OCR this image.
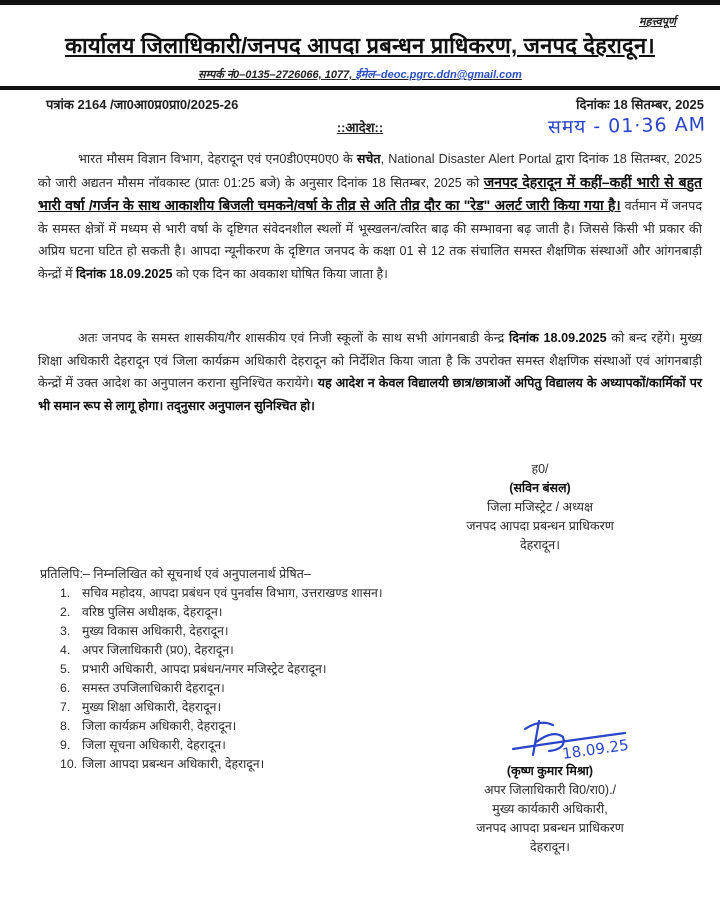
महत्त्वपूर्ण
कार्यालय जिलाधिकारी/जनपद आपदा प्रबन्धन प्राधिकरण, जनपद देहरादून।
सम्पर्क नं0–0135–2726066, 1077, ईमेल–deoc.pgrc.ddn@gmail.com
पत्रांक 2164 /जा0आ0प्र0प्रा0/2025-26	दिनांकः 18 सितम्बर, 2025
::आदेश::	समय - 01·36 AM
भारत मौसम विज्ञान विभाग, देहरादून एवं एन0डी0एम0ए0 के सचेत, National Disaster Alert Portal द्वारा दिनांक 18 सितम्बर, 2025 को जारी अद्यतन मौसम नॉवकास्ट (प्रातः 01:25 बजे) के अनुसार दिनांक 18 सितम्बर, 2025 को जनपद देहरादून में कहीं–कहीं भारी से बहुत भारी वर्षा /गर्जन के साथ आकाशीय बिजली चमकने/वर्षा के तीव्र से अति तीव्र दौर का "रेड" अलर्ट जारी किया गया है। वर्तमान में जनपद के समस्त क्षेत्रों में मध्यम से भारी वर्षा के दृष्टिगत संवेदनशील स्थलों में भूस्खलन/त्वरित बाढ़ की सम्भावना बढ़ जाती है। जिससे किसी भी प्रकार की अप्रिय घटना घटित हो सकती है। आपदा न्यूनीकरण के दृष्टिगत जनपद के कक्षा 01 से 12 तक संचालित समस्त शैक्षणिक संस्थाओं और आंगनबाड़ी केन्द्रों में दिनांक 18.09.2025 को एक दिन का अवकाश घोषित किया जाता है।
अतः जनपद के समस्त शासकीय/गैर शासकीय एवं निजी स्कूलों के साथ सभी आंगनबाडी केन्द्र दिनांक 18.09.2025 को बन्द रहेंगे। मुख्य शिक्षा अधिकारी देहरादून एवं जिला कार्यक्रम अधिकारी देहरादून को निर्देशित किया जाता है कि उपरोक्त समस्त शैक्षणिक संस्थाओं एवं आंगनबाड़ी केन्द्रों में उक्त आदेश का अनुपालन कराना सुनिश्चित करायेंगे। यह आदेश न केवल विद्यालयी छात्र/छात्राओं अपितु विद्यालय के अध्यापकों/कार्मिकों पर भी समान रूप से लागू होगा। तद्नुसार अनुपालन सुनिश्चित हो।
ह0/
(सविन बंसल)
जिला मजिस्ट्रेट / अध्यक्ष
जनपद आपदा प्रबन्धन प्राधिकरण
देहरादून।
प्रतिलिपि:– निम्नलिखित को सूचनार्थ एवं अनुपालनार्थ प्रेषित–
1. सचिव महोदय, आपदा प्रबंधन एवं पुनर्वास विभाग, उत्तराखण्ड शासन।
2. वरिष्ठ पुलिस अधीक्षक, देहरादून।
3. मुख्य विकास अधिकारी, देहरादून।
4. अपर जिलाधिकारी (प्र0), देहरादून।
5. प्रभारी अधिकारी, आपदा प्रबंधन/नगर मजिस्ट्रेट देहरादून।
6. समस्त उपजिलाधिकारी देहरादून।
7. मुख्य शिक्षा अधिकारी, देहरादून।
8. जिला कार्यक्रम अधिकारी, देहरादून।
9. जिला सूचना अधिकारी, देहरादून।
10. जिला आपदा प्रबन्धन अधिकारी, देहरादून।
18.09.25
(कृष्ण कुमार मिश्रा)
अपर जिलाधिकारी वि0/रा0)./
मुख्य कार्यकारी अधिकारी,
जनपद आपदा प्रबन्धन प्राधिकरण
देहरादून।
